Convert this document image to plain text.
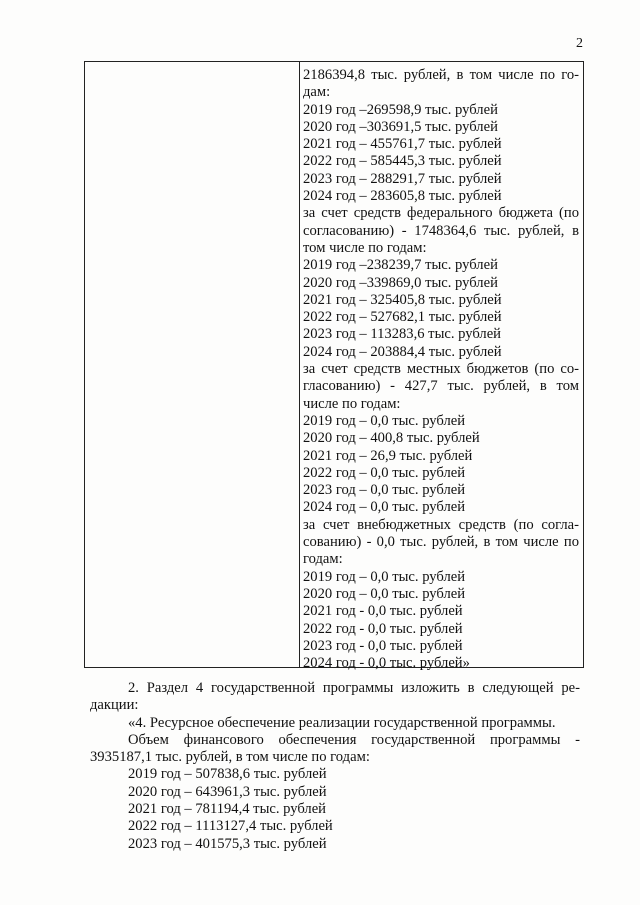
2
2186394,8 тыс. рублей, в том числе по го-
дам:
2019 год –269598,9 тыс. рублей
2020 год –303691,5 тыс. рублей
2021 год – 455761,7 тыс. рублей
2022 год – 585445,3 тыс. рублей
2023 год – 288291,7 тыс. рублей
2024 год – 283605,8 тыс. рублей
за счет средств федерального бюджета (по
согласованию) - 1748364,6 тыс. рублей, в
том числе по годам:
2019 год –238239,7 тыс. рублей
2020 год –339869,0 тыс. рублей
2021 год – 325405,8 тыс. рублей
2022 год – 527682,1 тыс. рублей
2023 год – 113283,6 тыс. рублей
2024 год – 203884,4 тыс. рублей
за счет средств местных бюджетов (по со-
гласованию) - 427,7 тыс. рублей, в том
числе по годам:
2019 год – 0,0 тыс. рублей
2020 год – 400,8 тыс. рублей
2021 год – 26,9 тыс. рублей
2022 год – 0,0 тыс. рублей
2023 год – 0,0 тыс. рублей
2024 год – 0,0 тыс. рублей
за счет внебюджетных средств (по согла-
сованию) - 0,0 тыс. рублей, в том числе по
годам:
2019 год – 0,0 тыс. рублей
2020 год – 0,0 тыс. рублей
2021 год - 0,0 тыс. рублей
2022 год - 0,0 тыс. рублей
2023 год - 0,0 тыс. рублей
2024 год - 0,0 тыс. рублей»
2. Раздел 4 государственной программы изложить в следующей ре-
дакции:
«4. Ресурсное обеспечение реализации государственной программы.
Объем финансового обеспечения государственной программы -
3935187,1 тыс. рублей, в том числе по годам:
2019 год – 507838,6 тыс. рублей
2020 год – 643961,3 тыс. рублей
2021 год – 781194,4 тыс. рублей
2022 год – 1113127,4 тыс. рублей
2023 год – 401575,3 тыс. рублей
